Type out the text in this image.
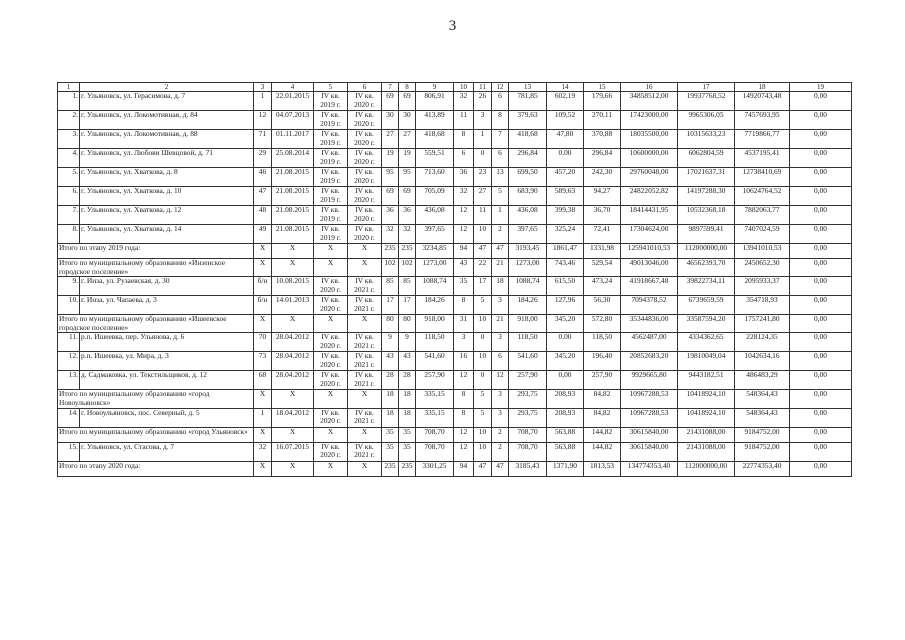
3
1	2	3	4	5	6	7	8	9	10	11	12	13	14	15	16	17	18	19
1.	г. Ульяновск, ул. Герасимова, д. 7	1	22.01.2015	IV кв. 2019 г.	IV кв. 2020 г.	69	69	806,91	32	26	6	781,85	602,19	179,66	34858512,00	19937768,52	14920743,48	0,00
2.	г. Ульяновск, ул. Локомотивная, д. 84	12	04.07.2013	IV кв. 2019 г.	IV кв. 2020 г.	30	30	413,89	11	3	8	379,63	109,52	270,11	17423000,00	9965306,05	7457693,95	0,00
3.	г. Ульяновск, ул. Локомотивная, д. 88	71	01.11.2017	IV кв. 2019 г.	IV кв. 2020 г.	27	27	418,68	8	1	7	418,68	47,80	370,88	18035500,00	10315633,23	7719866,77	0,00
4.	г. Ульяновск, ул. Любови Шевцовой, д. 71	29	25.08.2014	IV кв. 2019 г.	IV кв. 2020 г.	19	19	559,51	6	0	6	296,84	0,00	296,84	10600000,00	6062804,59	4537195,41	0,00
5.	г. Ульяновск, ул. Хваткова, д. 8	46	21.08.2015	IV кв. 2019 г.	IV кв. 2020 г.	95	95	713,60	36	23	13	699,50	457,20	242,30	29760048,00	17021637,31	12738410,69	0,00
6.	г. Ульяновск, ул. Хваткова, д. 10	47	21.08.2015	IV кв. 2019 г.	IV кв. 2020 г.	69	69	705,09	32	27	5	683,90	589,63	94,27	24822052,82	14197288,30	10624764,52	0,00
7.	г. Ульяновск, ул. Хваткова, д. 12	48	21.08.2015	IV кв. 2019 г.	IV кв. 2020 г.	36	36	436,08	12	11	1	436,08	399,38	36,70	18414431,95	10532368,18	7882063,77	0,00
8.	г. Ульяновск, ул. Хваткова, д. 14	49	21.08.2015	IV кв. 2019 г.	IV кв. 2020 г.	32	32	397,65	12	10	2	397,65	325,24	72,41	17304624,00	9897599,41	7407024,59	0,00
Итого по этапу 2019 года:		Х	Х	Х	Х	235	235	3234,85	94	47	47	3193,45	1861,47	1331,98	125941010,53	112000000,00	13941010,53	0,00
Итого по муниципальному образованию «Инзенское городское поселение»		Х	Х	Х	Х	102	102	1273,00	43	22	21	1273,00	743,46	529,54	49013046,00	46562393,70	2450652,30	0,00
9.	г. Инза, ул. Рузаевская, д. 30	б/н	10.08.2015	IV кв. 2020 г.	IV кв. 2021 г.	85	85	1088,74	35	17	18	1088,74	615,50	473,24	41918667,48	39822734,11	2095933,37	0,00
10.	г. Инза, ул. Чапаева, д. 3	б/н	14.01.2013	IV кв. 2020 г.	IV кв. 2021 г.	17	17	184,26	8	5	3	184,26	127,96	56,30	7094378,52	6739659,59	354718,93	0,00
Итого по муниципальному образованию «Ишеевское городское поселение»		Х	Х	Х	Х	80	80	918,00	31	10	21	918,00	345,20	572,80	35344836,00	33587594,20	1757241,80	0,00
11.	р.п. Ишеевка, пер. Ульянова, д. 6	70	28.04.2012	IV кв. 2020 г.	IV кв. 2021 г.	9	9	118,50	3	0	3	118,50	0,00	118,50	4562487,00	4334362,65	228124,35	0,00
12.	р.п. Ишеевка, ул. Мира, д. 3	73	28.04.2012	IV кв. 2020 г.	IV кв. 2021 г.	43	43	541,60	16	10	6	541,60	345,20	196,40	20852683,20	19810049,04	1042634,16	0,00
13.	д. Садмаковка, ул. Текстильщиков, д. 12	68	28.04.2012	IV кв. 2020 г.	IV кв. 2021 г.	28	28	257,90	12	0	12	257,90	0,00	257,90	9929665,80	9443182,51	486483,29	0,00
Итого по муниципальному образованию «город Новоульяновск»		Х	Х	Х	Х	18	18	335,15	8	5	3	293,75	208,93	84,82	10967288,53	10418924,10	548364,43	0,00
14.	г. Новоульяновск, пос. Северный, д. 5	1	18.04.2012	IV кв. 2020 г.	IV кв. 2021 г.	18	18	335,15	8	5	3	293,75	208,93	84,82	10967288,53	10418924,10	548364,43	0,00
Итого по муниципальному образованию «город Ульяновск»		Х	Х	Х	Х	35	35	708,70	12	10	2	708,70	563,88	144,82	30615840,00	21431088,00	9184752,00	0,00
15.	г. Ульяновск, ул. Стасова, д. 7	32	16.07.2015	IV кв. 2020 г.	IV кв. 2021 г.	35	35	708,70	12	10	2	708,70	563,88	144,82	30615840,00	21431088,00	9184752,00	0,00
Итого по этапу 2020 года:		Х	Х	Х	Х	235	235	3301,25	94	47	47	3185,43	1371,90	1813,53	134774353,40	112000000,00	22774353,40	0,00
